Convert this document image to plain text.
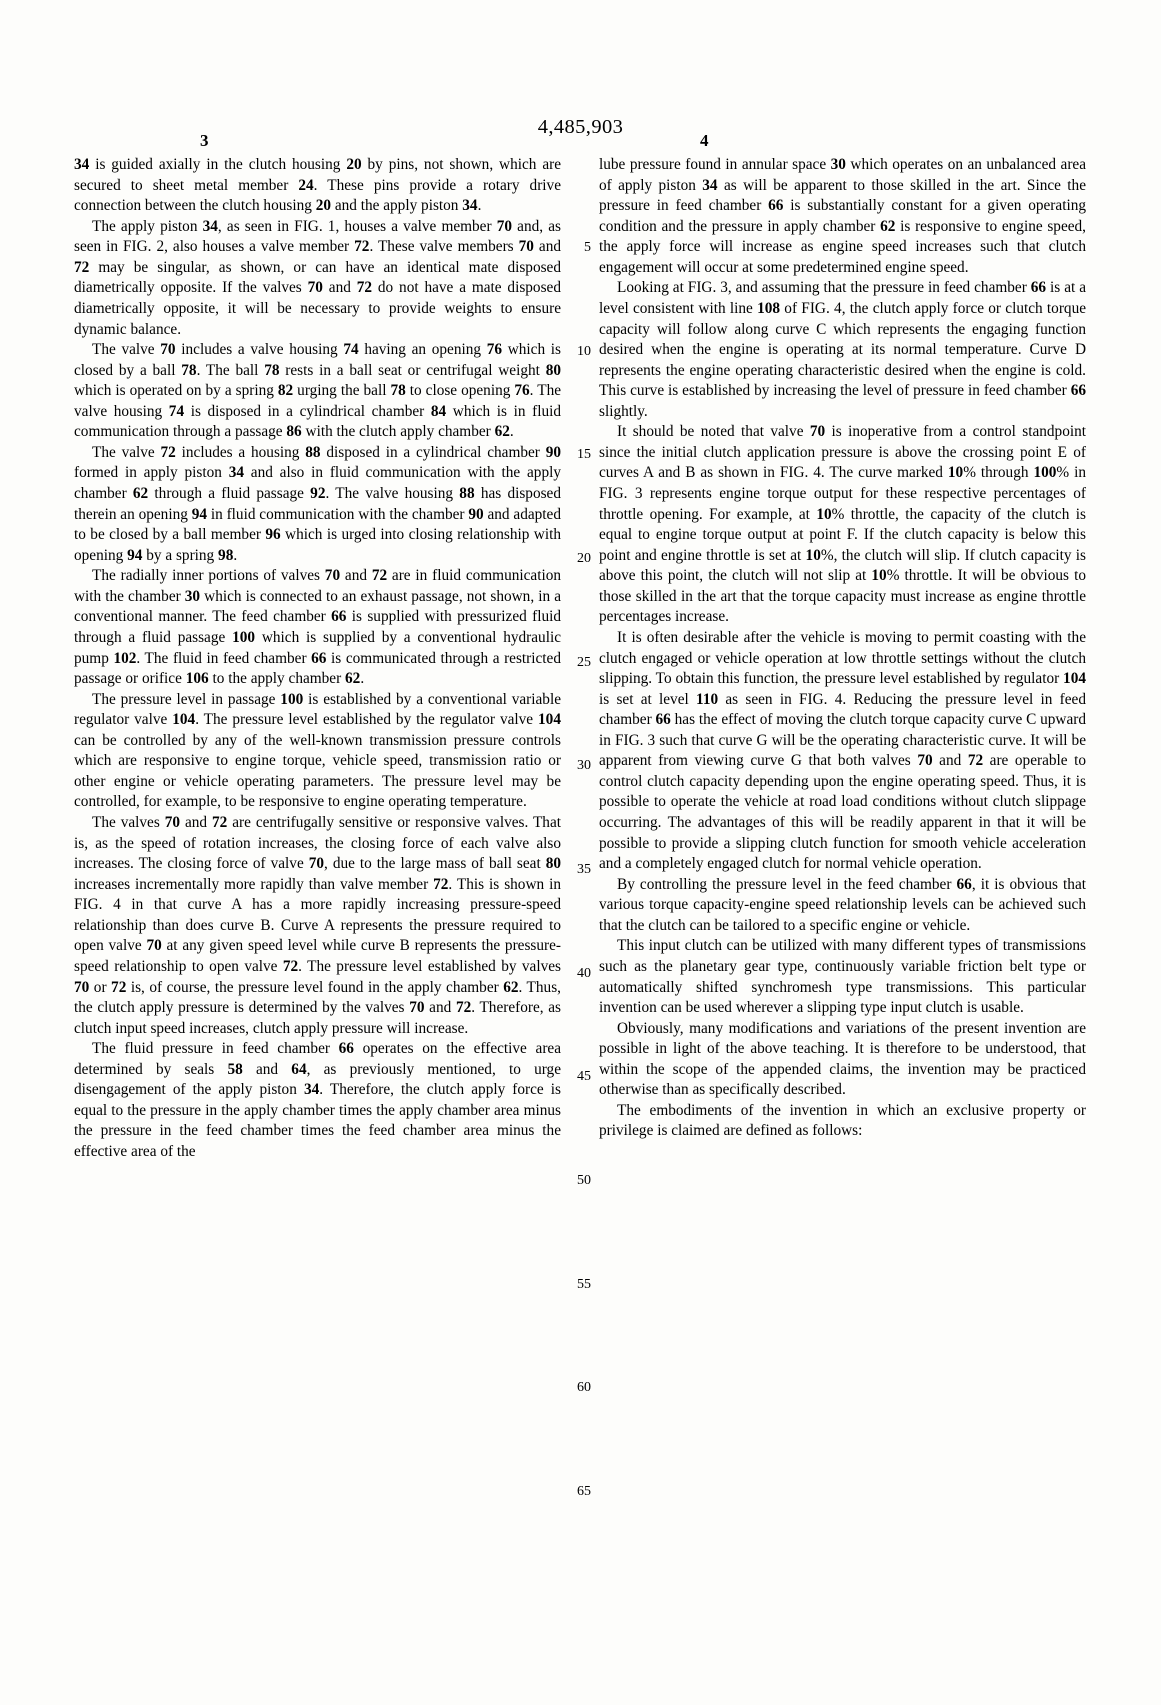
4,485,903
3	4

34 is guided axially in the clutch housing 20 by pins, not shown, which are secured to sheet metal member 24. These pins provide a rotary drive connection between the clutch housing 20 and the apply piston 34.

The apply piston 34, as seen in FIG. 1, houses a valve member 70 and, as seen in FIG. 2, also houses a valve member 72. These valve members 70 and 72 may be singular, as shown, or can have an identical mate disposed diametrically opposite. If the valves 70 and 72 do not have a mate disposed diametrically opposite, it will be necessary to provide weights to ensure dynamic balance.

The valve 70 includes a valve housing 74 having an opening 76 which is closed by a ball 78. The ball 78 rests in a ball seat or centrifugal weight 80 which is operated on by a spring 82 urging the ball 78 to close opening 76. The valve housing 74 is disposed in a cylindrical chamber 84 which is in fluid communication through a passage 86 with the clutch apply chamber 62.

The valve 72 includes a housing 88 disposed in a cylindrical chamber 90 formed in apply piston 34 and also in fluid communication with the apply chamber 62 through a fluid passage 92. The valve housing 88 has disposed therein an opening 94 in fluid communication with the chamber 90 and adapted to be closed by a ball member 96 which is urged into closing relationship with opening 94 by a spring 98.

The radially inner portions of valves 70 and 72 are in fluid communication with the chamber 30 which is connected to an exhaust passage, not shown, in a conventional manner. The feed chamber 66 is supplied with pressurized fluid through a fluid passage 100 which is supplied by a conventional hydraulic pump 102. The fluid in feed chamber 66 is communicated through a restricted passage or orifice 106 to the apply chamber 62.

The pressure level in passage 100 is established by a conventional variable regulator valve 104. The pressure level established by the regulator valve 104 can be controlled by any of the well-known transmission pressure controls which are responsive to engine torque, vehicle speed, transmission ratio or other engine or vehicle operating parameters. The pressure level may be controlled, for example, to be responsive to engine operating temperature.

The valves 70 and 72 are centrifugally sensitive or responsive valves. That is, as the speed of rotation increases, the closing force of each valve also increases. The closing force of valve 70, due to the large mass of ball seat 80 increases incrementally more rapidly than valve member 72. This is shown in FIG. 4 in that curve A has a more rapidly increasing pressure-speed relationship than does curve B. Curve A represents the pressure required to open valve 70 at any given speed level while curve B represents the pressure-speed relationship to open valve 72. The pressure level established by valves 70 or 72 is, of course, the pressure level found in the apply chamber 62. Thus, the clutch apply pressure is determined by the valves 70 and 72. Therefore, as clutch input speed increases, clutch apply pressure will increase.

The fluid pressure in feed chamber 66 operates on the effective area determined by seals 58 and 64, as previously mentioned, to urge disengagement of the apply piston 34. Therefore, the clutch apply force is equal to the pressure in the apply chamber times the apply chamber area minus the pressure in the feed chamber times the feed chamber area minus the effective area of the

5
10
15
20
25
30
35
40
45
50
55
60
65

lube pressure found in annular space 30 which operates on an unbalanced area of apply piston 34 as will be apparent to those skilled in the art. Since the pressure in feed chamber 66 is substantially constant for a given operating condition and the pressure in apply chamber 62 is responsive to engine speed, the apply force will increase as engine speed increases such that clutch engagement will occur at some predetermined engine speed.

Looking at FIG. 3, and assuming that the pressure in feed chamber 66 is at a level consistent with line 108 of FIG. 4, the clutch apply force or clutch torque capacity will follow along curve C which represents the engaging function desired when the engine is operating at its normal temperature. Curve D represents the engine operating characteristic desired when the engine is cold. This curve is established by increasing the level of pressure in feed chamber 66 slightly.

It should be noted that valve 70 is inoperative from a control standpoint since the initial clutch application pressure is above the crossing point E of curves A and B as shown in FIG. 4. The curve marked 10% through 100% in FIG. 3 represents engine torque output for these respective percentages of throttle opening. For example, at 10% throttle, the capacity of the clutch is equal to engine torque output at point F. If the clutch capacity is below this point and engine throttle is set at 10%, the clutch will slip. If clutch capacity is above this point, the clutch will not slip at 10% throttle. It will be obvious to those skilled in the art that the torque capacity must increase as engine throttle percentages increase.

It is often desirable after the vehicle is moving to permit coasting with the clutch engaged or vehicle operation at low throttle settings without the clutch slipping. To obtain this function, the pressure level established by regulator 104 is set at level 110 as seen in FIG. 4. Reducing the pressure level in feed chamber 66 has the effect of moving the clutch torque capacity curve C upward in FIG. 3 such that curve G will be the operating characteristic curve. It will be apparent from viewing curve G that both valves 70 and 72 are operable to control clutch capacity depending upon the engine operating speed. Thus, it is possible to operate the vehicle at road load conditions without clutch slippage occurring. The advantages of this will be readily apparent in that it will be possible to provide a slipping clutch function for smooth vehicle acceleration and a completely engaged clutch for normal vehicle operation.

By controlling the pressure level in the feed chamber 66, it is obvious that various torque capacity-engine speed relationship levels can be achieved such that the clutch can be tailored to a specific engine or vehicle.

This input clutch can be utilized with many different types of transmissions such as the planetary gear type, continuously variable friction belt type or automatically shifted synchromesh type transmissions. This particular invention can be used wherever a slipping type input clutch is usable.

Obviously, many modifications and variations of the present invention are possible in light of the above teaching. It is therefore to be understood, that within the scope of the appended claims, the invention may be practiced otherwise than as specifically described.

The embodiments of the invention in which an exclusive property or privilege is claimed are defined as follows:
